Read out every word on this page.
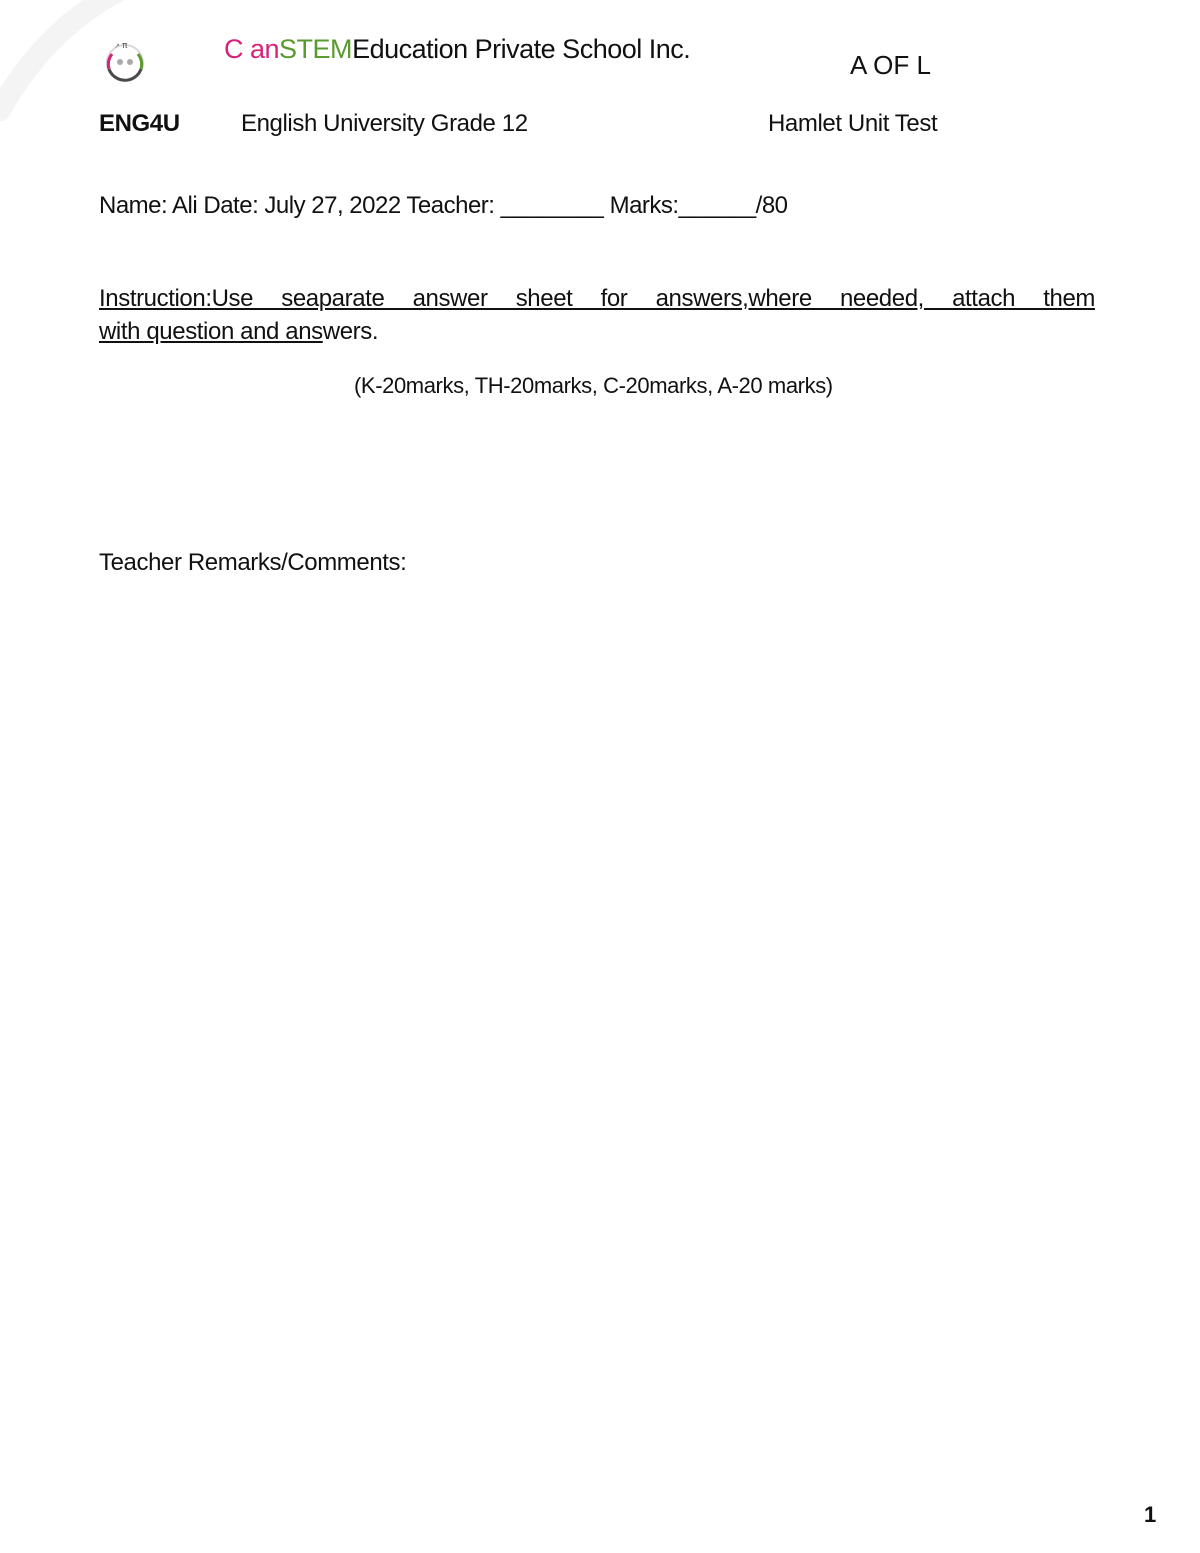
π
↗	C anSTEMEducation Private School Inc.
A OF L
ENG4U	English University Grade 12	Hamlet Unit Test
Name: Ali Date: July 27, 2022 Teacher: ________ Marks:______/80
Instruction:Use seaparate answer sheet for answers,where needed, attach them
with question and answers.
(K-20marks, TH-20marks, C-20marks, A-20 marks)
Teacher Remarks/Comments:
1
